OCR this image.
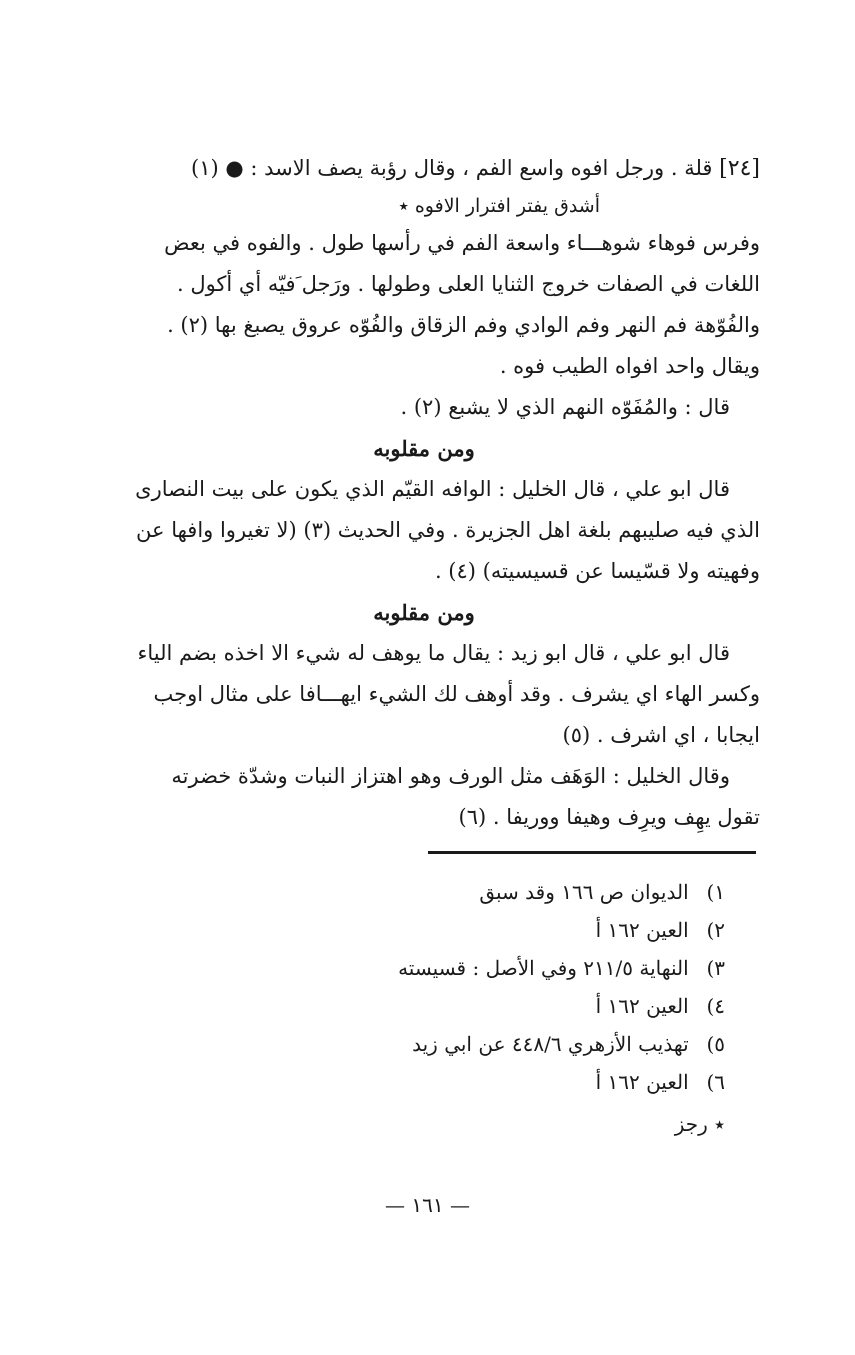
[٢٤] قلة . ورجل افوه واسع الفم ، وقال رؤبة يصف الاسد : ● (١)
أشدق يفتر افترار الافوه ٭
وفرس فوهاء شوهـــاء واسعة الفم في رأسها طول . والفوه في بعض
اللغات في الصفات خروج الثنايا العلى وطولها . ورَجل َفيّه أي أكول .
والفُوّهة فم النهر وفم الوادي وفم الزقاق والفُوّه عروق يصبغ بها (٢) .
ويقال واحد افواه الطيب فوه .
قال : والمُفَوّه النهم الذي لا يشبع (٢) .
ومن مقلوبه
قال ابو علي ، قال الخليل : الوافه القيّم الذي يكون على بيت النصارى
الذي فيه صليبهم بلغة اهل الجزيرة . وفي الحديث (٣) (لا تغيروا وافها عن
وفهيته ولا قسّيسا عن قسيسيته) (٤) .
ومن مقلوبه
قال ابو علي ، قال ابو زيد : يقال ما يوهف له شيء الا اخذه بضم الياء
وكسر الهاء اي يشرف . وقد أوهف لك الشيء ايهـــافا على مثال اوجب
ايجابا ، اي اشرف . (٥)
وقال الخليل : الوَهَف مثل الورف وهو اهتزاز النبات وشدّة خضرته
تقول يهِف ويرِف وهيفا ووريفا . (٦)
١) الديوان ص ١٦٦ وقد سبق
٢) العين ١٦٢ أ
٣) النهاية ٢١١/٥ وفي الأصل : قسيسته
٤) العين ١٦٢ أ
٥) تهذيب الأزهري ٤٤٨/٦ عن ابي زيد
٦) العين ١٦٢ أ
٭ رجز
— ١٦١ —
